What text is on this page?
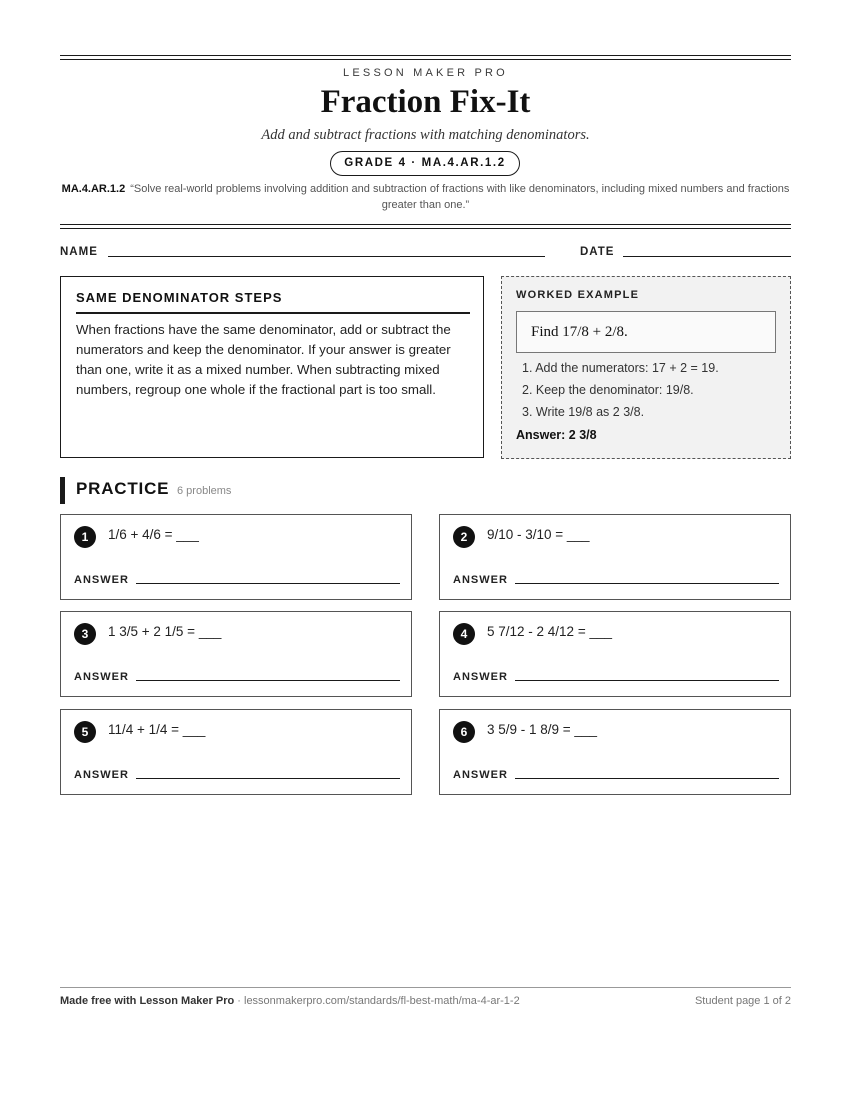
LESSON MAKER PRO
Fraction Fix-It
Add and subtract fractions with matching denominators.
GRADE 4 · MA.4.AR.1.2
MA.4.AR.1.2 “Solve real-world problems involving addition and subtraction of fractions with like denominators, including mixed numbers and fractions greater than one.”
NAME	DATE
SAME DENOMINATOR STEPS
When fractions have the same denominator, add or subtract the numerators and keep the denominator. If your answer is greater than one, write it as a mixed number. When subtracting mixed numbers, regroup one whole if the fractional part is too small.
WORKED EXAMPLE
Find 17/8 + 2/8.
1. Add the numerators: 17 + 2 = 19.
2. Keep the denominator: 19/8.
3. Write 19/8 as 2 3/8.
Answer: 2 3/8
PRACTICE 6 problems
1	1/6 + 4/6 = ___
ANSWER
2	9/10 - 3/10 = ___
ANSWER
3	1 3/5 + 2 1/5 = ___
ANSWER
4	5 7/12 - 2 4/12 = ___
ANSWER
5	11/4 + 1/4 = ___
ANSWER
6	3 5/9 - 1 8/9 = ___
ANSWER
Made free with Lesson Maker Pro · lessonmakerpro.com/standards/fl-best-math/ma-4-ar-1-2	Student page 1 of 2
